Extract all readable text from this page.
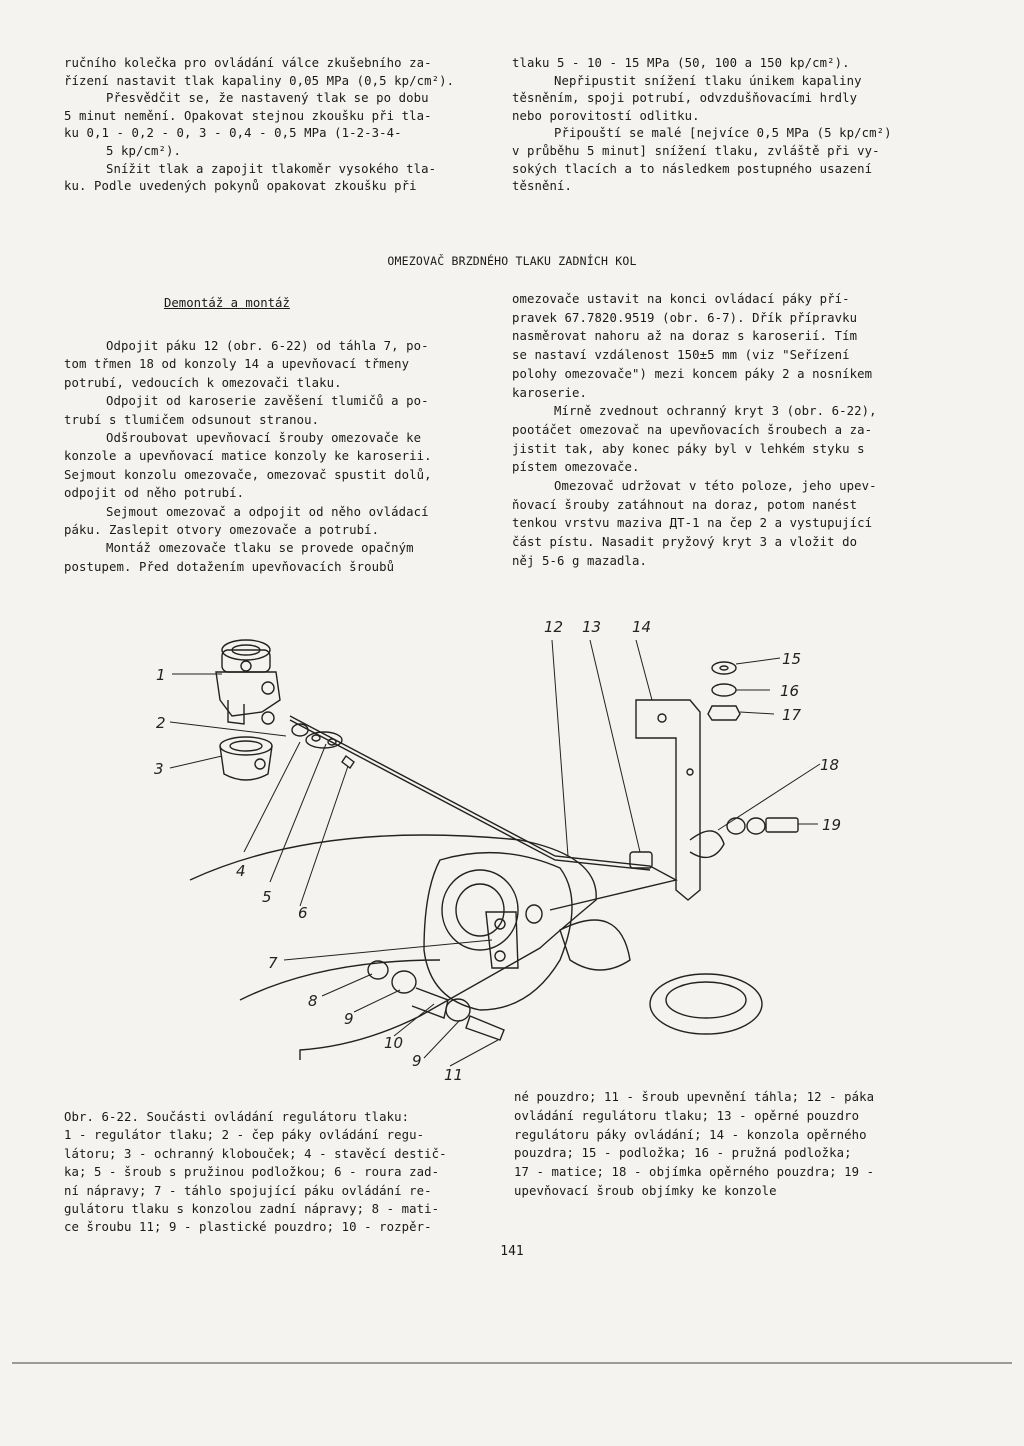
ručního kolečka pro ovládání válce zkušebního za-

řízení nastavit tlak kapaliny 0,05 MPa (0,5 kp/cm²).

Přesvědčit se, že nastavený tlak se po dobu

5 minut nemění. Opakovat stejnou zkoušku při tla-

ku 0,1 - 0,2 - 0, 3 - 0,4 - 0,5 MPa (1-2-3-4-

5 kp/cm²).

Snížit tlak a zapojit tlakoměr vysokého tla-

ku. Podle uvedených pokynů opakovat zkoušku při

tlaku 5 - 10 - 15 MPa (50, 100 a 150 kp/cm²).

Nepřipustit snížení tlaku únikem kapaliny

těsněním, spoji potrubí, odvzdušňovacími hrdly

nebo porovitostí odlitku.

Připouští se malé [nejvíce 0,5 MPa (5 kp/cm²)

v průběhu 5 minut] snížení tlaku, zvláště při vy-

sokých tlacích a to následkem postupného usazení

těsnění.

OMEZOVAČ BRZDNÉHO TLAKU ZADNÍCH KOL
Demontáž a montáž

Odpojit páku 12 (obr. 6-22) od táhla 7, po-

tom třmen 18 od konzoly 14 a upevňovací třmeny

potrubí, vedoucích k omezovači tlaku.

Odpojit od karoserie zavěšení tlumičů a po-

trubí s tlumičem odsunout stranou.

Odšroubovat upevňovací šrouby omezovače ke

konzole a upevňovací matice konzoly ke karoserii.

Sejmout konzolu omezovače, omezovač spustit dolů,

odpojit od něho potrubí.

Sejmout omezovač a odpojit od něho ovládací

páku. Zaslepit otvory omezovače a potrubí.

Montáž omezovače tlaku se provede opačným

postupem. Před dotažením upevňovacích šroubů

omezovače ustavit na konci ovládací páky pří-

pravek 67.7820.9519 (obr. 6-7). Dřík přípravku

nasměrovat nahoru až na doraz s karoserií. Tím

se nastaví vzdálenost 150±5 mm (viz "Seřízení

polohy omezovače") mezi koncem páky 2 a nosníkem

karoserie.

Mírně zvednout ochranný kryt 3 (obr. 6-22),

pootáčet omezovač na upevňovacích šroubech a za-

jistit tak, aby konec páky byl v lehkém styku s

pístem omezovače.

Omezovač udržovat v této poloze, jeho upev-

ňovací šrouby zatáhnout na doraz, potom nanést

tenkou vrstvu maziva ДТ-1 na čep 2 a vystupující

část pístu. Nasadit pryžový kryt 3 a vložit do

něj 5-6 g mazadla.

1
2
3
4
5
6
7
8
9
10
9
11
12 13 14
15
16
17
18
19

Obr. 6-22. Součásti ovládání regulátoru tlaku:

1 - regulátor tlaku; 2 - čep páky ovládání regu-

látoru; 3 - ochranný klobouček; 4 - stavěcí destič-

ka; 5 - šroub s pružinou podložkou; 6 - roura zad-

ní nápravy; 7 - táhlo spojující páku ovládání re-

gulátoru tlaku s konzolou zadní nápravy; 8 - mati-

ce šroubu 11; 9 - plastické pouzdro; 10 - rozpěr-

né pouzdro; 11 - šroub upevnění táhla; 12 - páka

ovládání regulátoru tlaku; 13 - opěrné pouzdro

regulátoru páky ovládání; 14 - konzola opěrného

pouzdra; 15 - podložka; 16 - pružná podložka;

17 - matice; 18 - objímka opěrného pouzdra; 19 -

upevňovací šroub objímky ke konzole

141
